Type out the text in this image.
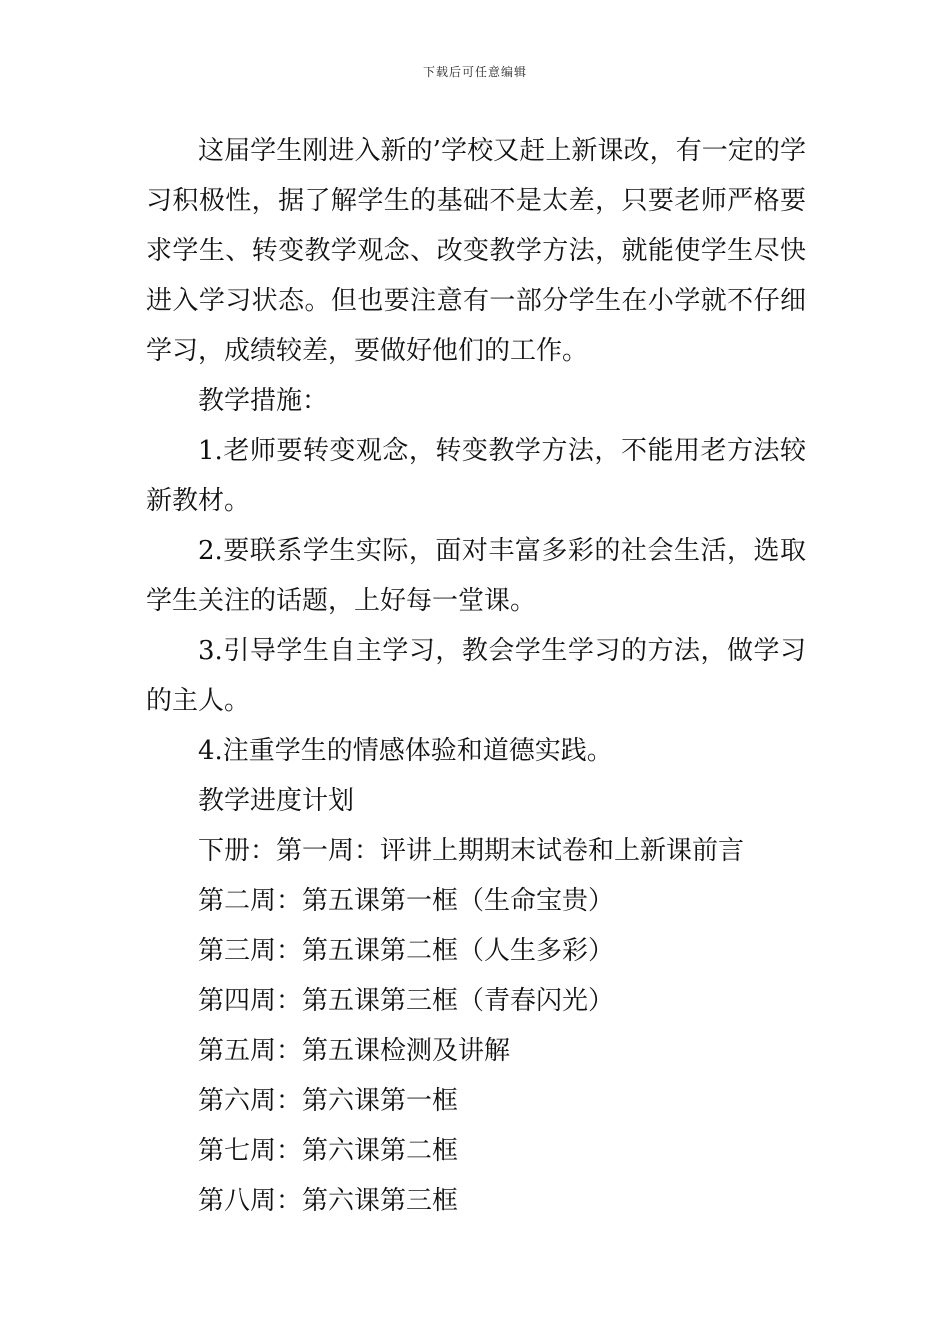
下载后可任意编辑

这届学生刚进入新的’学校又赶上新课改，有一定的学习积极性，据了解学生的基础不是太差，只要老师严格要求学生、转变教学观念、改变教学方法，就能使学生尽快进入学习状态。但也要注意有一部分学生在小学就不仔细学习，成绩较差，要做好他们的工作。

教学措施：

1.老师要转变观念，转变教学方法，不能用老方法较新教材。

2.要联系学生实际，面对丰富多彩的社会生活，选取学生关注的话题，上好每一堂课。

3.引导学生自主学习，教会学生学习的方法，做学习的主人。

4.注重学生的情感体验和道德实践。

教学进度计划

下册：第一周：评讲上期期末试卷和上新课前言

第二周：第五课第一框（生命宝贵）

第三周：第五课第二框（人生多彩）

第四周：第五课第三框（青春闪光）

第五周：第五课检测及讲解

第六周：第六课第一框

第七周：第六课第二框

第八周：第六课第三框
